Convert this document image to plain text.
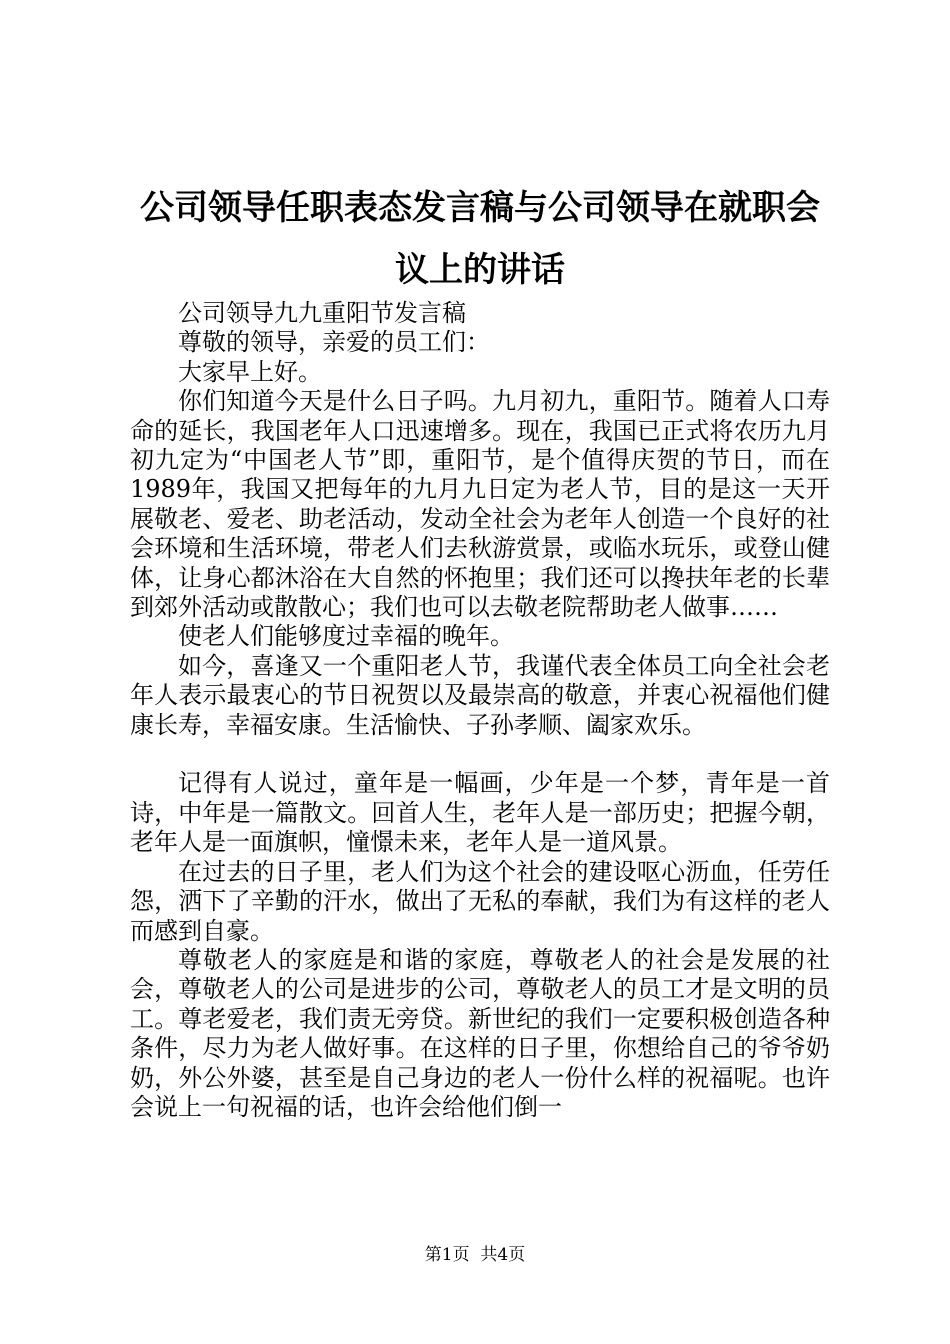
公司领导任职表态发言稿与公司领导在就职会
议上的讲话

公司领导九九重阳节发言稿

尊敬的领导，亲爱的员工们：

大家早上好。

你们知道今天是什么日子吗。九月初九，重阳节。随着人口寿命的延长，我国老年人口迅速增多。现在，我国已正式将农历九月初九定为“中国老人节”即，重阳节，是个值得庆贺的节日，而在1989年，我国又把每年的九月九日定为老人节，目的是这一天开展敬老、爱老、助老活动，发动全社会为老年人创造一个良好的社会环境和生活环境，带老人们去秋游赏景，或临水玩乐，或登山健体，让身心都沐浴在大自然的怀抱里；我们还可以搀扶年老的长辈到郊外活动或散散心；我们也可以去敬老院帮助老人做事……

使老人们能够度过幸福的晚年。

如今，喜逢又一个重阳老人节，我谨代表全体员工向全社会老年人表示最衷心的节日祝贺以及最崇高的敬意，并衷心祝福他们健康长寿，幸福安康。生活愉快、子孙孝顺、阖家欢乐。

记得有人说过，童年是一幅画，少年是一个梦，青年是一首诗，中年是一篇散文。回首人生，老年人是一部历史；把握今朝，老年人是一面旗帜，憧憬未来，老年人是一道风景。

在过去的日子里，老人们为这个社会的建设呕心沥血，任劳任怨，洒下了辛勤的汗水，做出了无私的奉献，我们为有这样的老人而感到自豪。

尊敬老人的家庭是和谐的家庭，尊敬老人的社会是发展的社会，尊敬老人的公司是进步的公司，尊敬老人的员工才是文明的员工。尊老爱老，我们责无旁贷。新世纪的我们一定要积极创造各种条件，尽力为老人做好事。在这样的日子里，你想给自己的爷爷奶奶，外公外婆，甚至是自己身边的老人一份什么样的祝福呢。也许会说上一句祝福的话，也许会给他们倒一

第1页  共4页
